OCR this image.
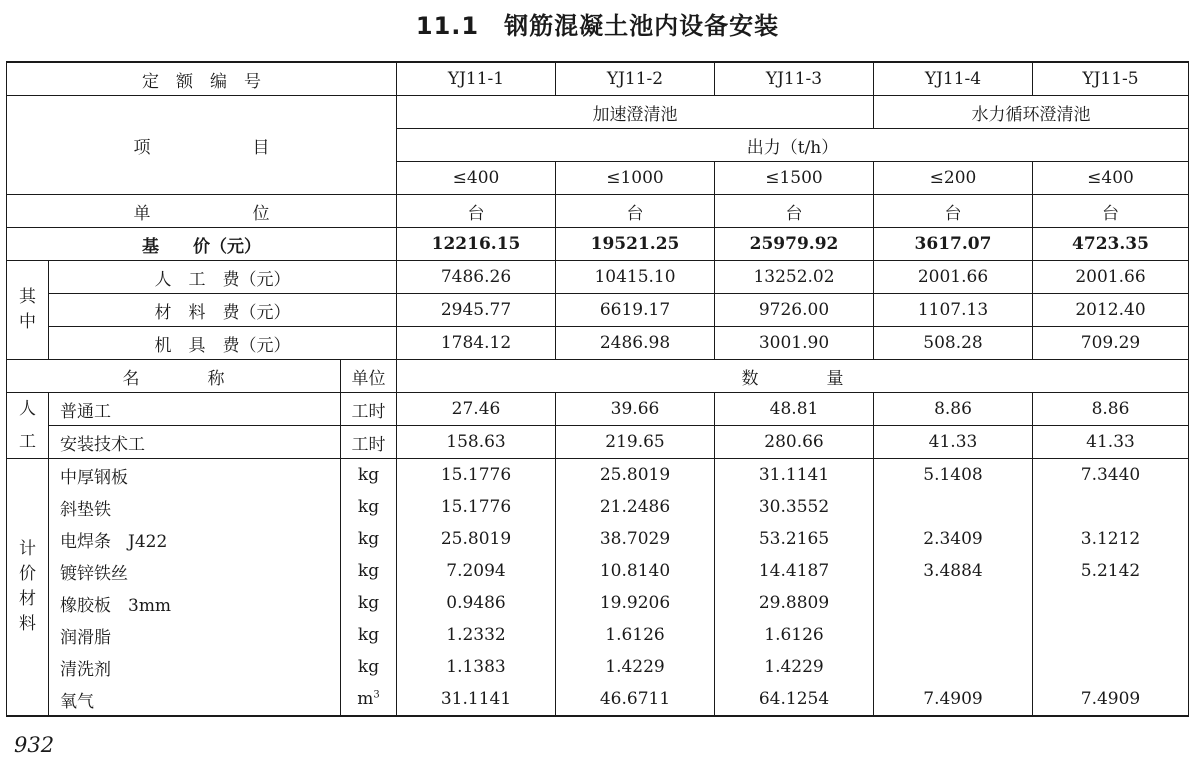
11.1　钢筋混凝土池内设备安装
定　额　编　号			YJ11-1	YJ11-2	YJ11-3	YJ11-4	YJ11-5
项　　　　　　目			加速澄清池			水力循环澄清池	
			出力（t/h）				
			≤400	≤1000	≤1500	≤200	≤400
单　　　　　　位			台	台	台	台	台
基　　价（元）			12216.15	19521.25	25979.92	3617.07	4723.35

其
中	人　工　费（元）		7486.26	10415.10	13252.02	2001.66	2001.66
	材　料　费（元）		2945.77	6619.17	9726.00	1107.13	2012.40
	机　具　费（元）		1784.12	2486.98	3001.90	508.28	709.29
名　　　　称		单位	数　　　　量				

人
工	普通工	工时	27.46	39.66	48.81	8.86	8.86
	安装技术工	工时	158.63	219.65	280.66	41.33	41.33

计
价
材
料	中厚钢板	kg	15.1776	25.8019	31.1141	5.1408	7.3440
	斜垫铁	kg	15.1776	21.2486	30.3552		
	电焊条　J422	kg	25.8019	38.7029	53.2165	2.3409	3.1212
	镀锌铁丝	kg	7.2094	10.8140	14.4187	3.4884	5.2142
	橡胶板　3mm	kg	0.9486	19.9206	29.8809		
	润滑脂	kg	1.2332	1.6126	1.6126		
	清洗剂	kg	1.1383	1.4229	1.4229		
	氧气	$m^3$	31.1141	46.6711	64.1254	7.4909	7.4909
932
